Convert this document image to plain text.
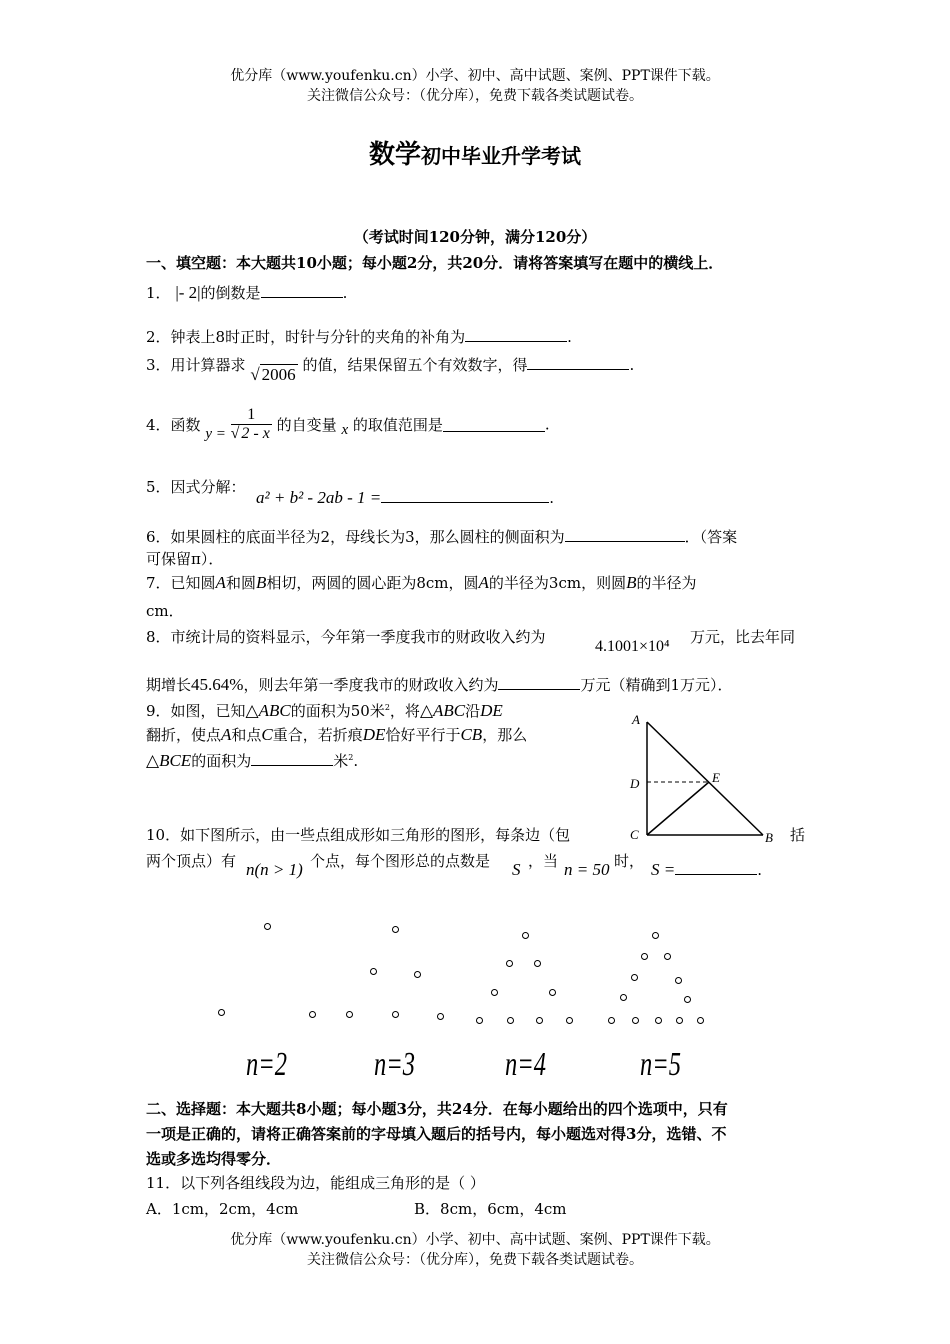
优分库（www.youfenku.cn）小学、初中、高中试题、案例、PPT课件下载。
关注微信公众号：（优分库），免费下载各类试题试卷。
数学初中毕业升学考试
（考试时间120分钟，满分120分）
一、填空题：本大题共10小题；每小题2分，共20分．请将答案填写在题中的横线上．
1． |- 2|的倒数是	.
2．钟表上8时正时，时针与分针的夹角的补角为	.
3．用计算器求 √ 2006 的值，结果保留五个有效数字，得	.
4．函数 $y = \frac{1}{√ 2 - x}$ 的自变量 x 的取值范围是	.
5．因式分解：
a² + b² - 2ab - 1 =	.
6．如果圆柱的底面半径为2，母线长为3，那么圆柱的侧面积为	．（答案
可保留π）．
7．已知圆A和圆B相切，两圆的圆心距为8cm，圆A的半径为3cm，则圆B的半径为
cm．
8．市统计局的资料显示，今年第一季度我市的财政收入约为
4.1001×10⁴
万元，比去年同
期增长45.64%，则去年第一季度我市的财政收入约为	万元（精确到1万元）．
9．如图，已知△ABC的面积为50米$^2$，将△ABC沿DE
翻折，使点A和点C重合，若折痕DE恰好平行于CB，那么
△BCE的面积为	米$^2$.
A
D
C
E
B
10．如下图所示，由一些点组成形如三角形的图形，每条边（包	括
两个顶点）有 n(n > 1) 个点，每个图形总的点数是 S ，当 n = 50 时， S =	.
n=2	n=3	n=4	n=5
二、选择题：本大题共8小题；每小题3分，共24分．在每小题给出的四个选项中，只有
一项是正确的，请将正确答案前的字母填入题后的括号内，每小题选对得3分，选错、不
选或多选均得零分．
11．以下列各组线段为边，能组成三角形的是（ ）
A．1cm，2cm，4cm	B．8cm，6cm，4cm
优分库（www.youfenku.cn）小学、初中、高中试题、案例、PPT课件下载。
关注微信公众号：（优分库），免费下载各类试题试卷。
